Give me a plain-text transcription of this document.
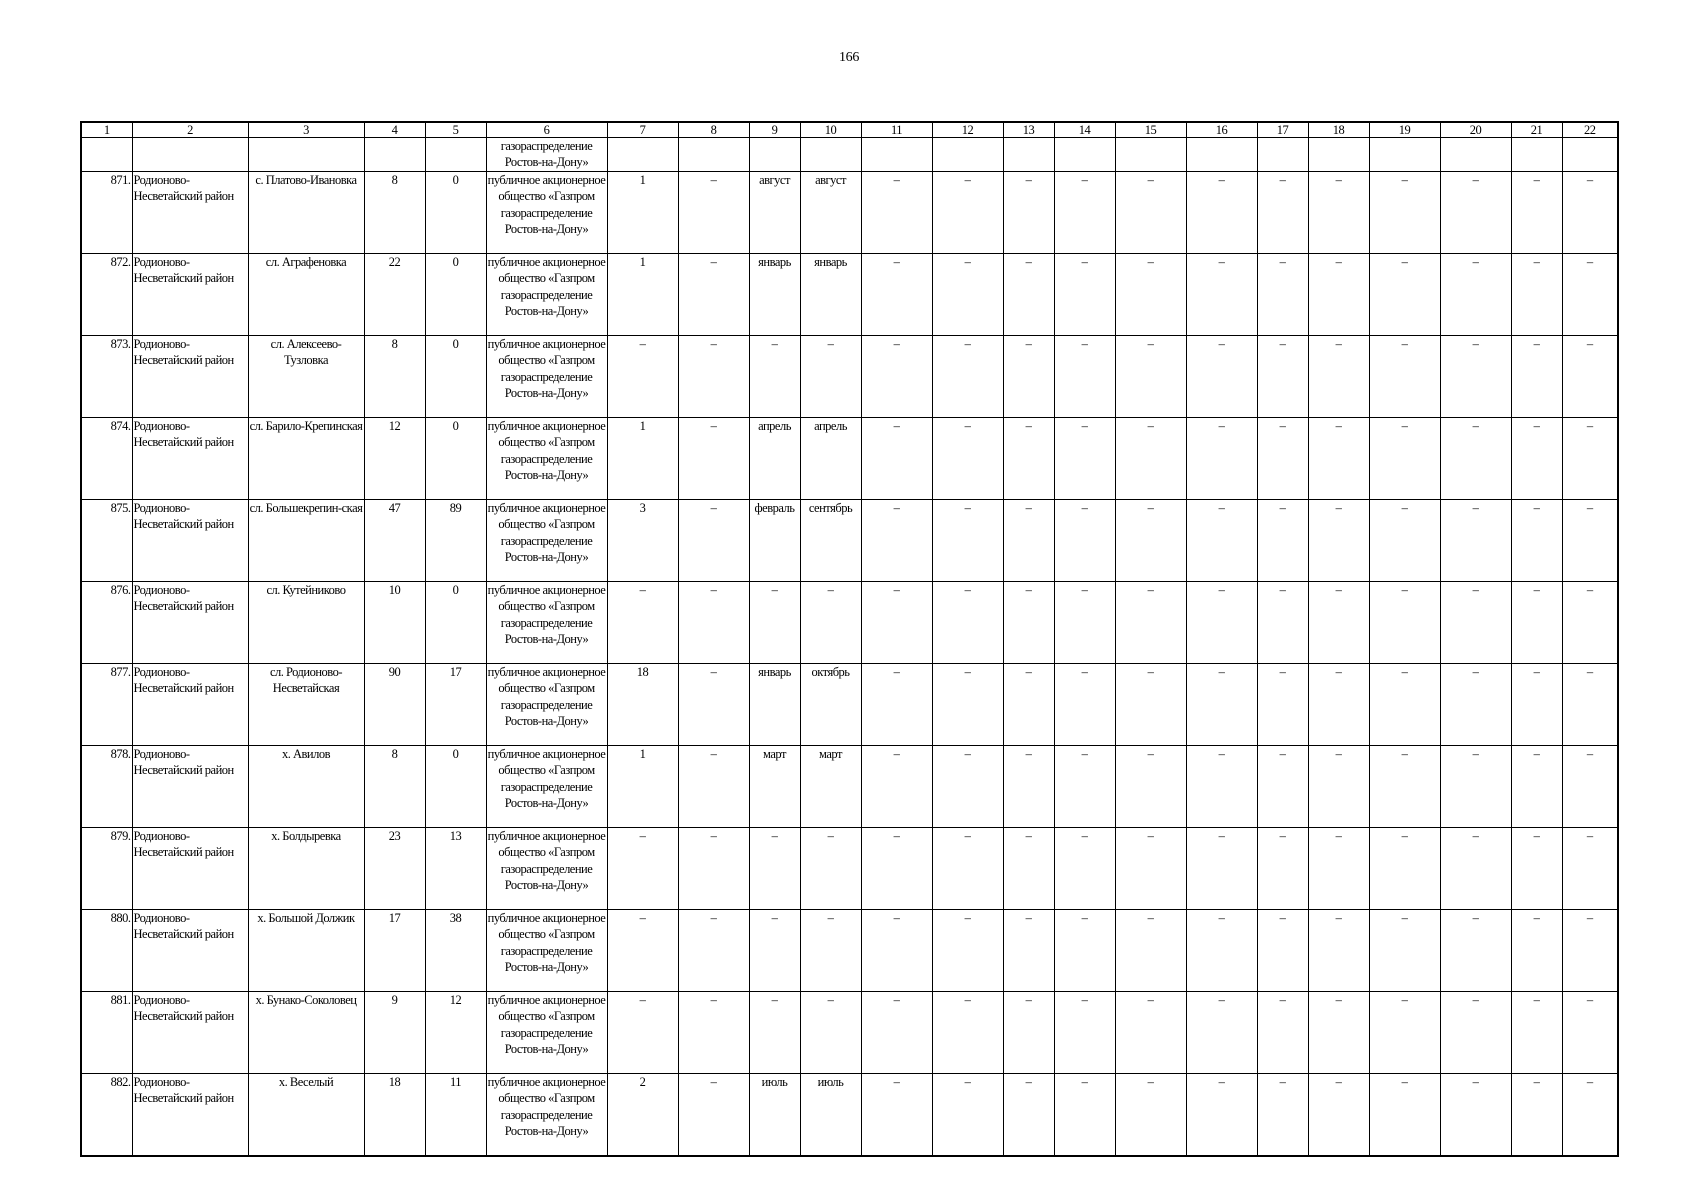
166
1	2	3	4	5	6	7	8	9	10	11	12	13	14	15	16	17	18	19	20	21	22
					газораспределение Ростов-на-Дону»																
871.	Родионово-Несветайский район	с. Платово-Ивановка	8	0	публичное акционерное общество «Газпром газораспределение Ростов-на-Дону»	1	–	август	август	–	–	–	–	–	–	–	–	–	–	–	–
872.	Родионово-Несветайский район	сл. Аграфеновка	22	0	публичное акционерное общество «Газпром газораспределение Ростов-на-Дону»	1	–	январь	январь	–	–	–	–	–	–	–	–	–	–	–	–
873.	Родионово-Несветайский район	сл. Алексеево-Тузловка	8	0	публичное акционерное общество «Газпром газораспределение Ростов-на-Дону»	–	–	–	–	–	–	–	–	–	–	–	–	–	–	–	–
874.	Родионово-Несветайский район	сл. Барило-Крепинская	12	0	публичное акционерное общество «Газпром газораспределение Ростов-на-Дону»	1	–	апрель	апрель	–	–	–	–	–	–	–	–	–	–	–	–
875.	Родионово-Несветайский район	сл. Большекрепин-ская	47	89	публичное акционерное общество «Газпром газораспределение Ростов-на-Дону»	3	–	февраль	сентябрь	–	–	–	–	–	–	–	–	–	–	–	–
876.	Родионово-Несветайский район	сл. Кутейниково	10	0	публичное акционерное общество «Газпром газораспределение Ростов-на-Дону»	–	–	–	–	–	–	–	–	–	–	–	–	–	–	–	–
877.	Родионово-Несветайский район	сл. Родионово-Несветайская	90	17	публичное акционерное общество «Газпром газораспределение Ростов-на-Дону»	18	–	январь	октябрь	–	–	–	–	–	–	–	–	–	–	–	–
878.	Родионово-Несветайский район	х. Авилов	8	0	публичное акционерное общество «Газпром газораспределение Ростов-на-Дону»	1	–	март	март	–	–	–	–	–	–	–	–	–	–	–	–
879.	Родионово-Несветайский район	х. Болдыревка	23	13	публичное акционерное общество «Газпром газораспределение Ростов-на-Дону»	–	–	–	–	–	–	–	–	–	–	–	–	–	–	–	–
880.	Родионово-Несветайский район	х. Большой Должик	17	38	публичное акционерное общество «Газпром газораспределение Ростов-на-Дону»	–	–	–	–	–	–	–	–	–	–	–	–	–	–	–	–
881.	Родионово-Несветайский район	х. Бунако-Соколовец	9	12	публичное акционерное общество «Газпром газораспределение Ростов-на-Дону»	–	–	–	–	–	–	–	–	–	–	–	–	–	–	–	–
882.	Родионово-Несветайский район	х. Веселый	18	11	публичное акционерное общество «Газпром газораспределение Ростов-на-Дону»	2	–	июль	июль	–	–	–	–	–	–	–	–	–	–	–	–
